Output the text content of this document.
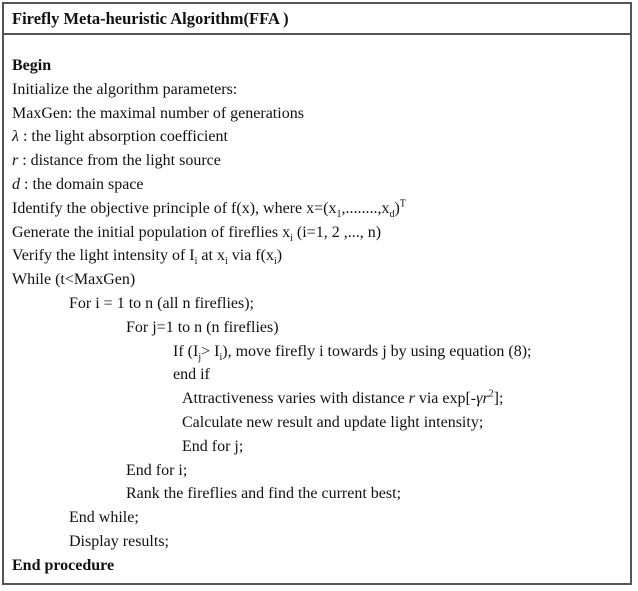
Firefly Meta-heuristic Algorithm(FFA )
Begin
Initialize the algorithm parameters:
MaxGen: the maximal number of generations
λ : the light absorption coefficient
r : distance from the light source
d : the domain space
Identify the objective principle of f(x), where $x=(x_1,........,x_d)^T$
Generate the initial population of fireflies $x_i$ (i=1, 2 ,..., n)
Verify the light intensity of $I_i$ at $x_i$ via $f(x_i)$
While (t<MaxGen)
For i = 1 to n (all n fireflies);
For j=1 to n (n fireflies)
If $(I_j> I_i)$, move firefly i towards j by using equation (8);
end if
Attractiveness varies with distance r via $\exp[-\gamma r^2]$;
Calculate new result and update light intensity;
End for j;
End for i;
Rank the fireflies and find the current best;
End while;
Display results;
End procedure
